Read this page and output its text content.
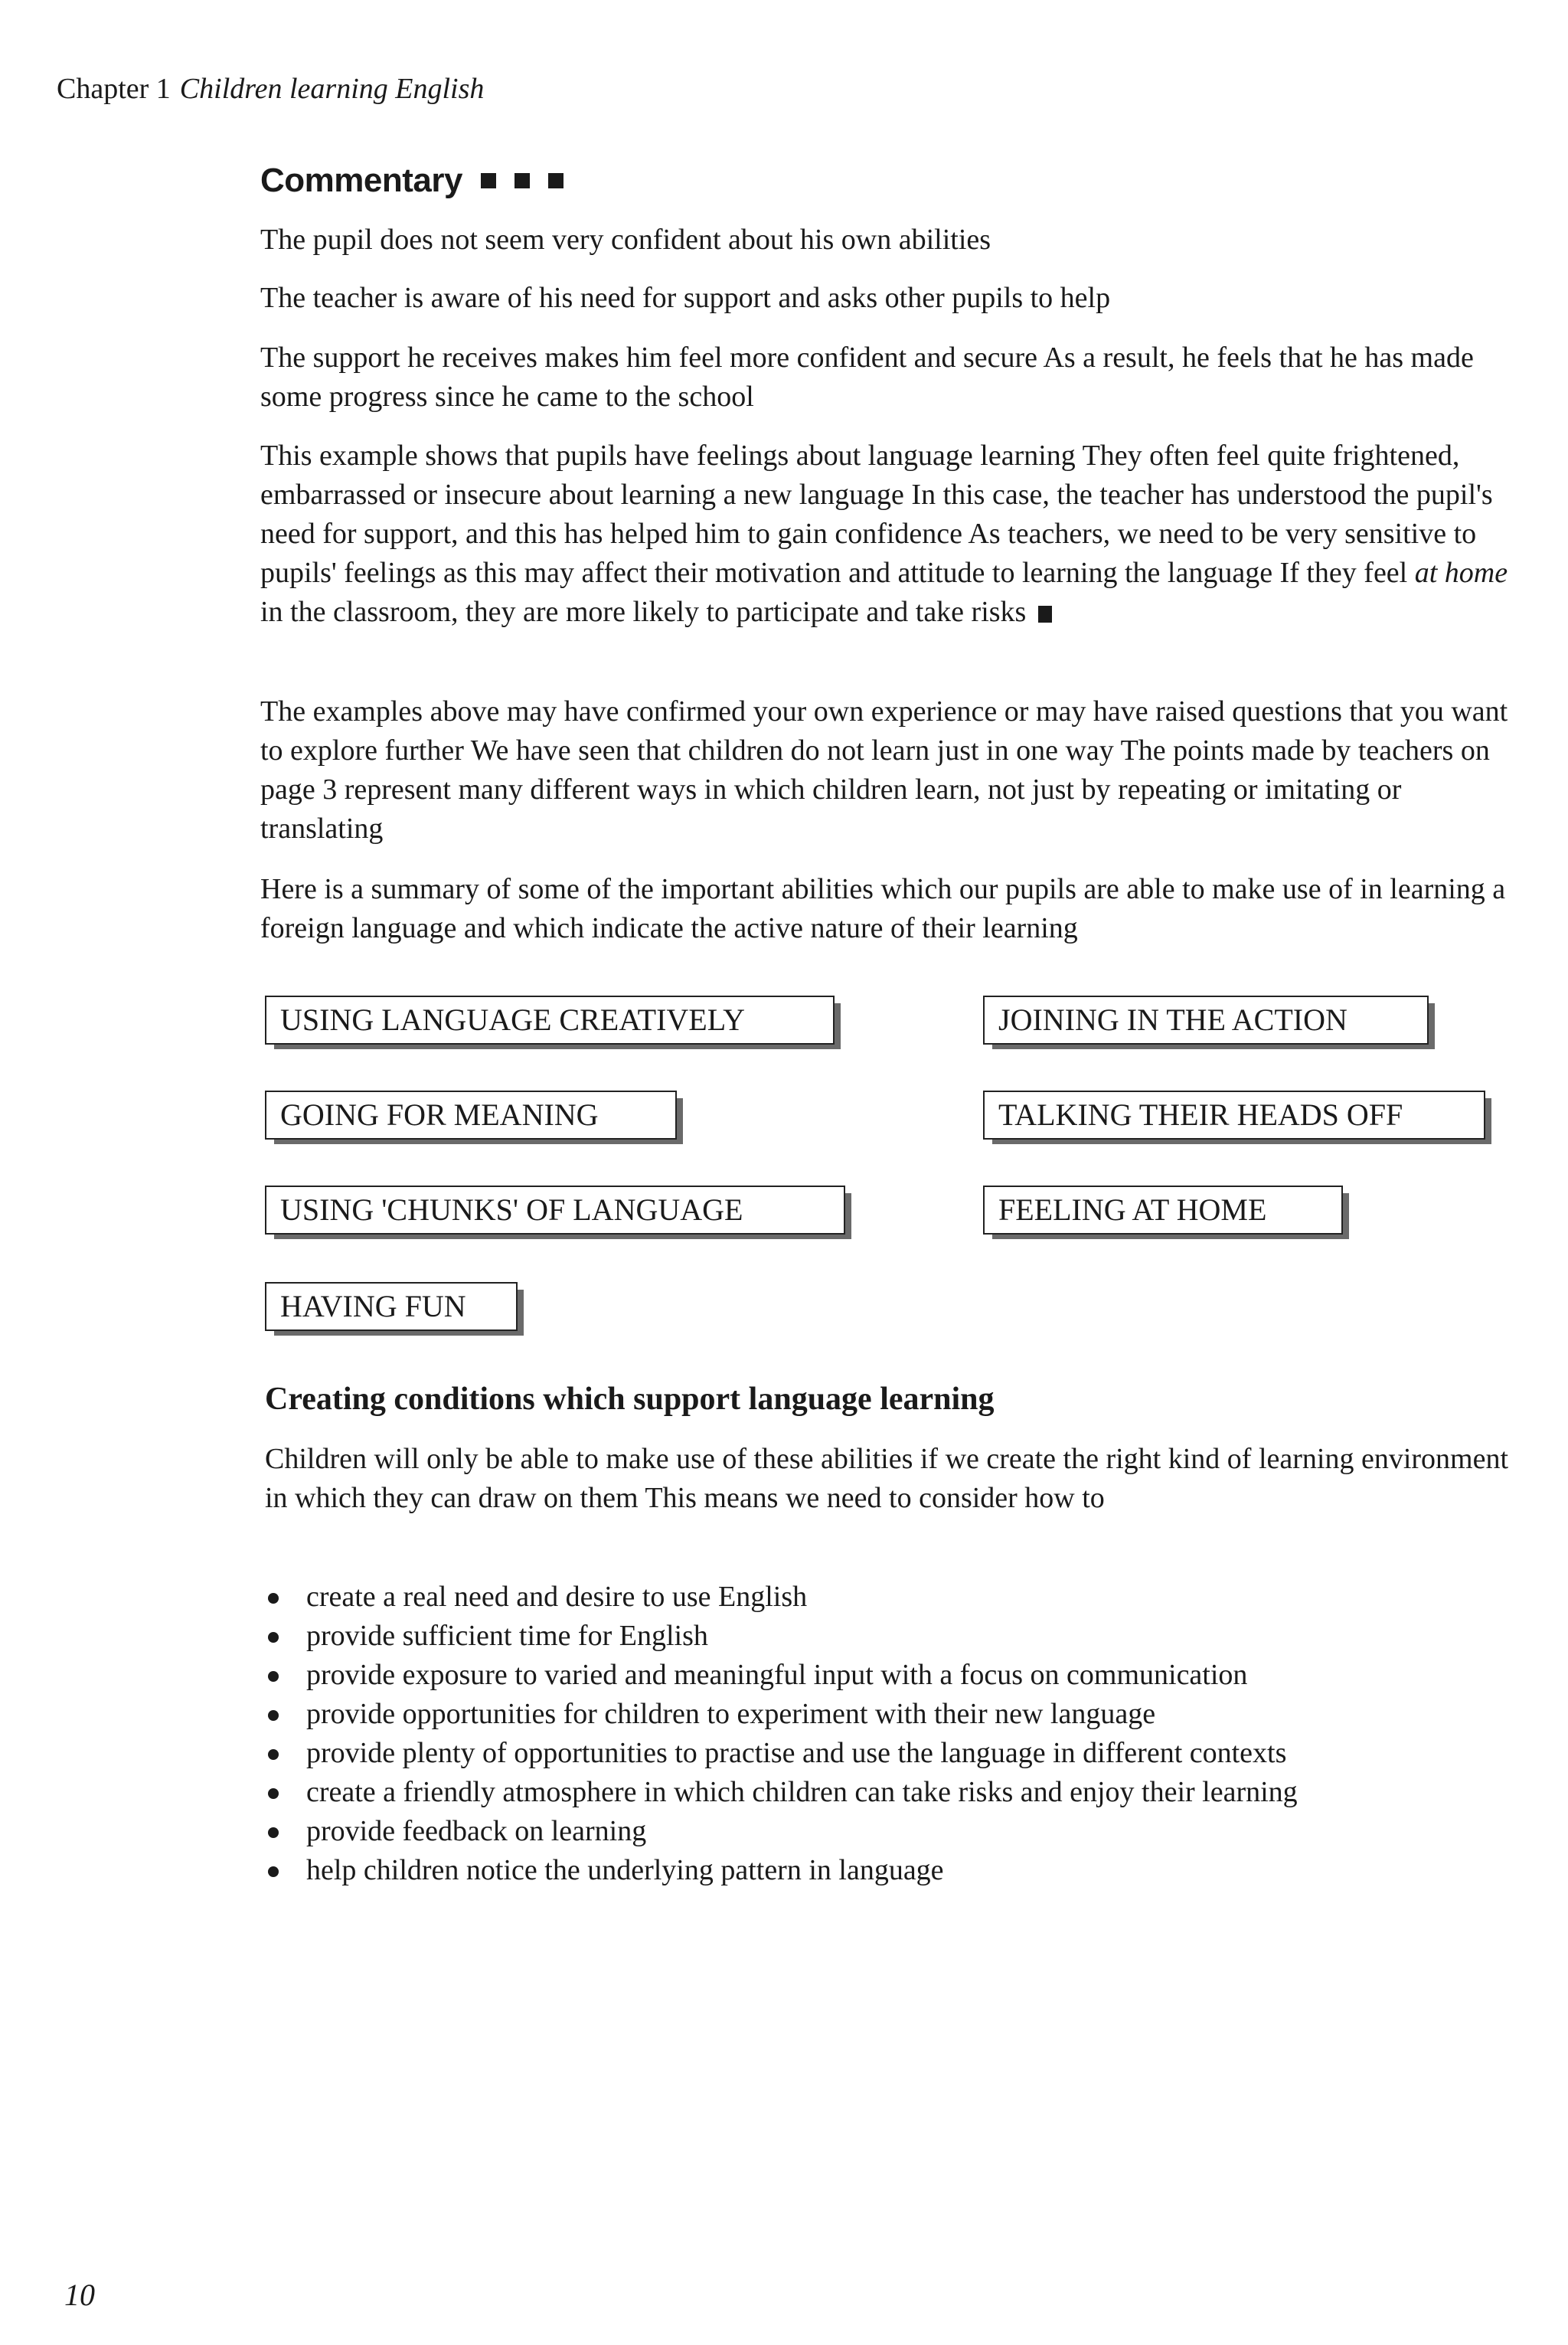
Chapter 1 Children learning English
Commentary

The pupil does not seem very confident about his own abilities

The teacher is aware of his need for support and asks other pupils to help

The support he receives makes him feel more confident and secure As a result, he feels that he has made some progress since he came to the school

This example shows that pupils have feelings about language learning They often feel quite frightened, embarrassed or insecure about learning a new language In this case, the teacher has understood the pupil's need for support, and this has helped him to gain confidence As teachers, we need to be very sensitive to pupils' feelings as this may affect their motivation and attitude to learning the language If they feel at home in the classroom, they are more likely to participate and take risks

The examples above may have confirmed your own experience or may have raised questions that you want to explore further We have seen that children do not learn just in one way The points made by teachers on page 3 represent many different ways in which children learn, not just by repeating or imitating or translating

Here is a summary of some of the important abilities which our pupils are able to make use of in learning a foreign language and which indicate the active nature of their learning

USING LANGUAGE CREATIVELY	JOINING IN THE ACTION
GOING FOR MEANING	TALKING THEIR HEADS OFF
USING 'CHUNKS' OF LANGUAGE	FEELING AT HOME
HAVING FUN
Creating conditions which support language learning

Children will only be able to make use of these abilities if we create the right kind of learning environment in which they can draw on them This means we need to consider how to

create a real need and desire to use English
provide sufficient time for English
provide exposure to varied and meaningful input with a focus on communication
provide opportunities for children to experiment with their new language
provide plenty of opportunities to practise and use the language in different contexts
create a friendly atmosphere in which children can take risks and enjoy their learning
provide feedback on learning
help children notice the underlying pattern in language
10
